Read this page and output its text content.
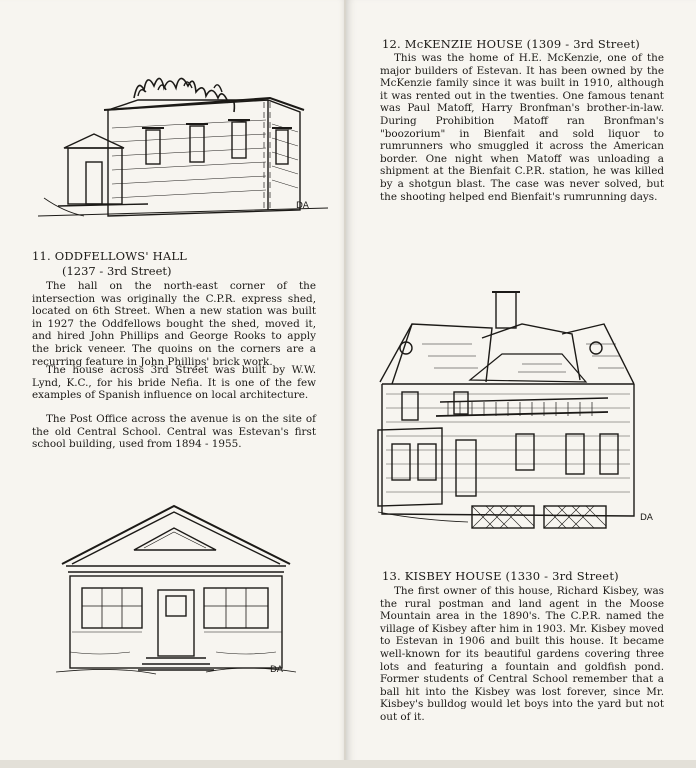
DA
11. ODDFELLOWS' HALL
(1237 - 3rd Street)

The hall on the north-east corner of the intersection was originally the C.P.R. express shed, located on 6th Street. When a new station was built in 1927 the Oddfellows bought the shed, moved it, and hired John Phillips and George Rooks to apply the brick veneer. The quoins on the corners are a recurring feature in John Phillips' brick work.

The house across 3rd Street was built by W.W. Lynd, K.C., for his bride Nefia. It is one of the few examples of Spanish influence on local architecture.

The Post Office across the avenue is on the site of the old Central School. Central was Estevan's first school building, used from 1894 - 1955.

DA
12. McKENZIE HOUSE (1309 - 3rd Street)

This was the home of H.E. McKenzie, one of the major builders of Estevan. It has been owned by the McKenzie family since it was built in 1910, although it was rented out in the twenties. One famous tenant was Paul Matoff, Harry Bronfman's brother-in-law. During Prohibition Matoff ran Bronfman's "boozorium" in Bienfait and sold liquor to rumrunners who smuggled it across the American border. One night when Matoff was unloading a shipment at the Bienfait C.P.R. station, he was killed by a shotgun blast. The case was never solved, but the shooting helped end Bienfait's rumrunning days.

DA
13. KISBEY HOUSE (1330 - 3rd Street)

The first owner of this house, Richard Kisbey, was the rural postman and land agent in the Moose Mountain area in the 1890's. The C.P.R. named the village of Kisbey after him in 1903. Mr. Kisbey moved to Estevan in 1906 and built this house. It became well-known for its beautiful gardens covering three lots and featuring a fountain and goldfish pond. Former students of Central School remember that a ball hit into the Kisbey was lost forever, since Mr. Kisbey's bulldog would let boys into the yard but not out of it.
